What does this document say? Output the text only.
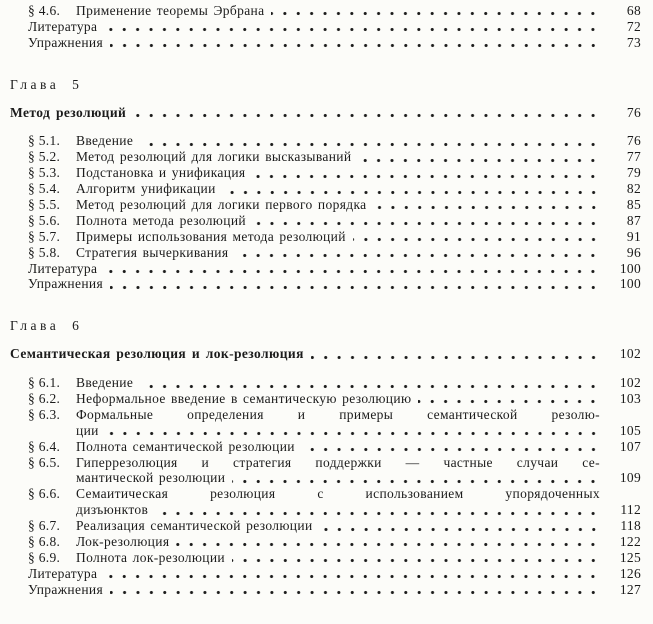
§ 4.6.	Применение теоремы Эрбрана	68
Литература	72
Упражнения	73
Глава 5
Метод резолюций	76
§ 5.1.	Введение	76
§ 5.2.	Метод резолюций для логики высказываний	77
§ 5.3.	Подстановка и унификация	79
§ 5.4.	Алгоритм унификации	82
§ 5.5.	Метод резолюций для логики первого порядка	85
§ 5.6.	Полнота метода резолюций	87
§ 5.7.	Примеры использования метода резолюций	91
§ 5.8.	Стратегия вычеркивания	96
Литература	100
Упражнения	100
Глава 6
Семантическая резолюция и лок-резолюция	102
§ 6.1.	Введение	102
§ 6.2.	Неформальное введение в семантическую резолюцию	103
§ 6.3.	Формальные определения и примеры семантической резолю-
ции	105
§ 6.4.	Полнота семантической резолюции	107
§ 6.5.	Гиперрезолюция и стратегия поддержки — частные случаи се-
мантической резолюции	109
§ 6.6.	Семаитическая резолюция с использованием упорядоченных
дизъюнктов	112
§ 6.7.	Реализация семантической резолюции	118
§ 6.8.	Лок-резолюция	122
§ 6.9.	Полнота лок-резолюции	125
Литература	126
Упражнения	127
